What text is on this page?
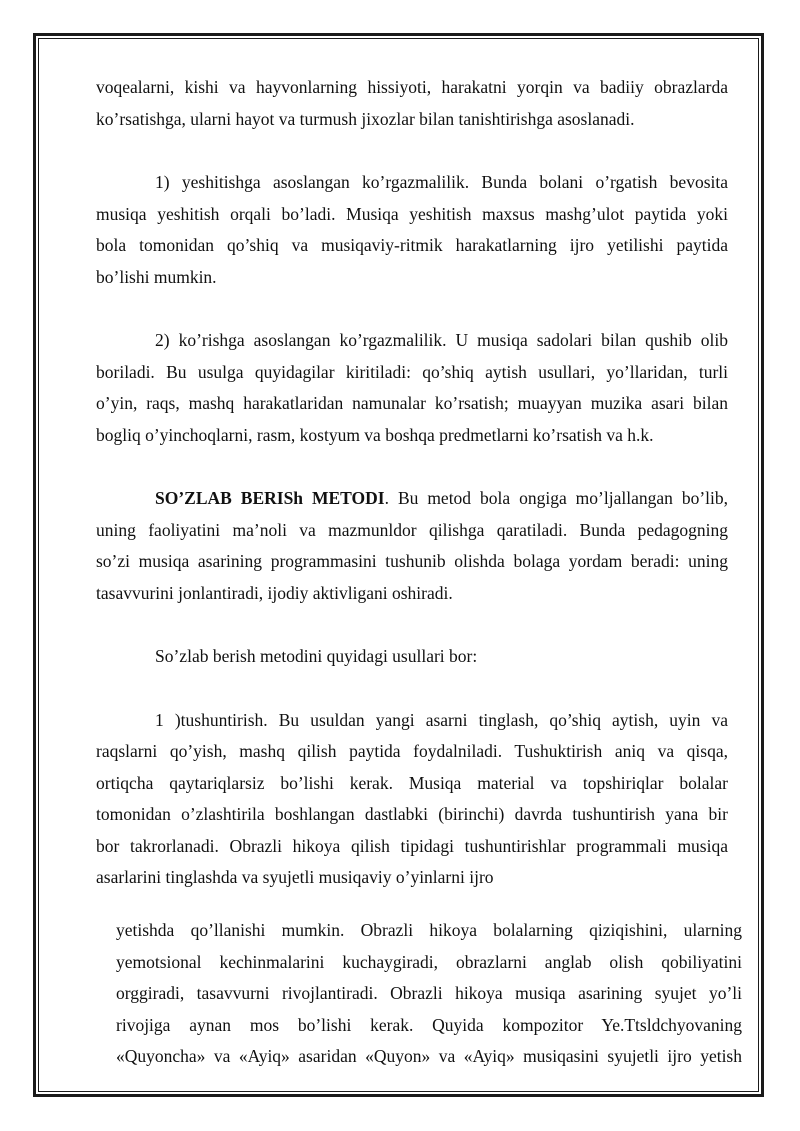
voqealarni, kishi va hayvonlarning hissiyoti, harakatni yorqin va badiiy obrazlarda

ko’rsatishga, ularni hayot va turmush jixozlar bilan tanishtirishga asoslanadi.

1) yeshitishga asoslangan ko’rgazmalilik. Bunda bolani o’rgatish bevosita

musiqa yeshitish orqali bo’ladi. Musiqa yeshitish maxsus mashg’ulot paytida yoki

bola tomonidan qo’shiq va musiqaviy-ritmik harakatlarning ijro yetilishi paytida

bo’lishi mumkin.

2) ko’rishga asoslangan ko’rgazmalilik. U musiqa sadolari bilan qushib olib

boriladi. Bu usulga quyidagilar kiritiladi: qo’shiq aytish usullari, yo’llaridan, turli

o’yin, raqs, mashq harakatlaridan namunalar ko’rsatish; muayyan muzika asari bilan

bogliq o’yinchoqlarni, rasm, kostyum va boshqa predmetlarni ko’rsatish va h.k.

SO’ZLAB BERISh METODI. Bu metod bola ongiga mo’ljallangan bo’lib,

uning faoliyatini ma’noli va mazmunldor qilishga qaratiladi. Bunda pedagogning

so’zi musiqa asarining programmasini tushunib olishda bolaga yordam beradi: uning

tasavvurini jonlantiradi, ijodiy aktivligani oshiradi.

So’zlab berish metodini quyidagi usullari bor:

1 )tushuntirish. Bu usuldan yangi asarni tinglash, qo’shiq aytish, uyin va

raqslarni qo’yish, mashq qilish paytida foydalniladi. Tushuktirish aniq va qisqa,

ortiqcha qaytariqlarsiz bo’lishi kerak. Musiqa material va topshiriqlar bolalar

tomonidan o’zlashtirila boshlangan dastlabki (birinchi) davrda tushuntirish yana bir

bor takrorlanadi. Obrazli hikoya qilish tipidagi tushuntirishlar programmali musiqa

asarlarini tinglashda va syujetli musiqaviy o’yinlarni ijro

yetishda qo’llanishi mumkin. Obrazli hikoya bolalarning qiziqishini, ularning

yemotsional kechinmalarini kuchaygiradi, obrazlarni anglab olish qobiliyatini

orggiradi, tasavvurni rivojlantiradi. Obrazli hikoya musiqa asarining syujet yo’li

rivojiga aynan mos bo’lishi kerak. Quyida kompozitor Ye.Ttsldchyovaning

«Quyoncha» va «Ayiq» asaridan «Quyon» va «Ayiq» musiqasini syujetli ijro yetish
